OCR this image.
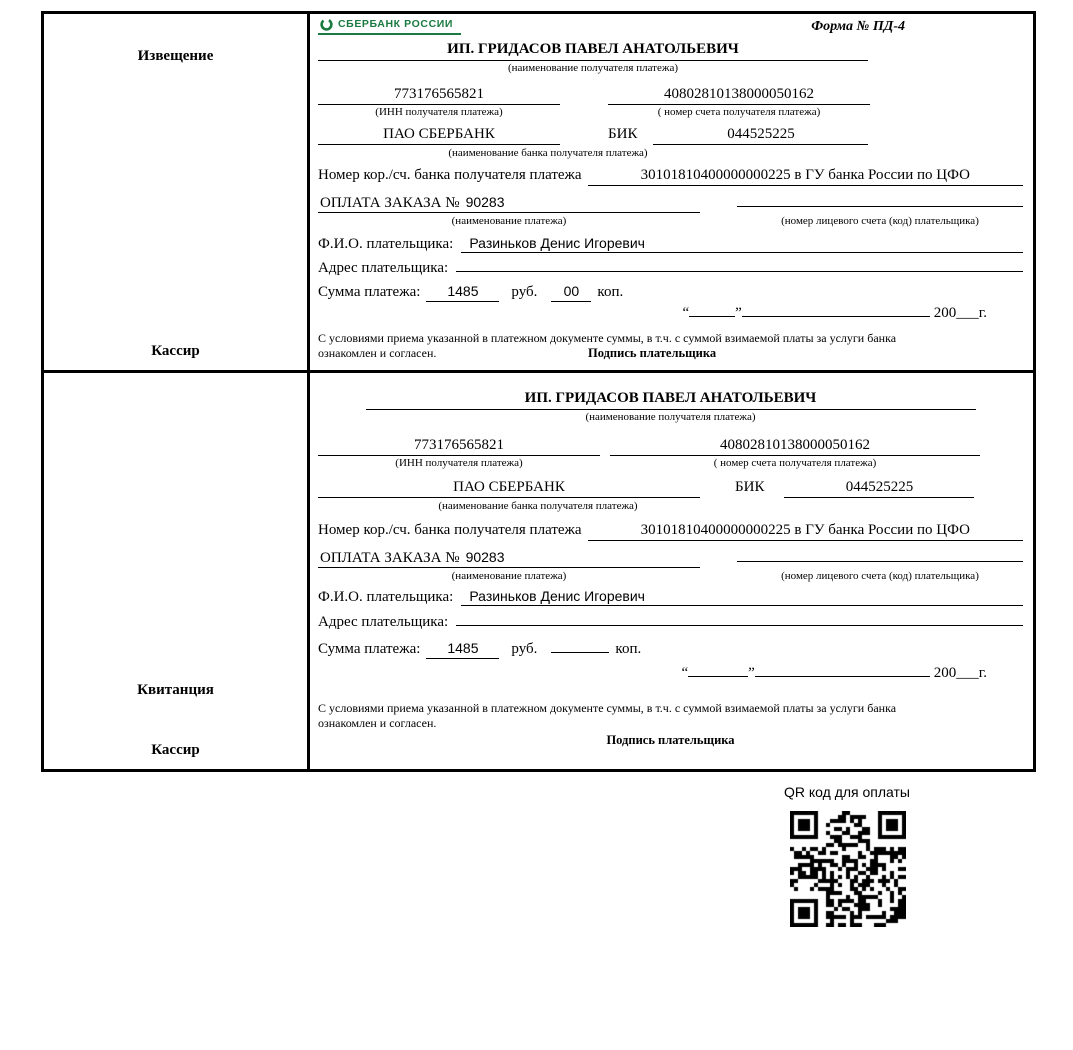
Извещение
Кассир
СБЕРБАНК РОССИИ	Форма № ПД-4
ИП. ГРИДАСОВ ПАВЕЛ АНАТОЛЬЕВИЧ
(наименование получателя платежа)
773176565821	40802810138000050162
(ИНН получателя платежа)	( номер счета получателя платежа)
ПАО СБЕРБАНК	БИК	044525225
(наименование банка получателя платежа)
Номер кор./сч. банка получателя платежа	30101810400000000225 в ГУ банка России по ЦФО
ОПЛАТА ЗАКАЗА № 90283
(наименование платежа)	(номер лицевого счета (код) плательщика)
Ф.И.О. плательщика:	Разиньков Денис Игоревич
Адрес плательщика:
Сумма платежа:	1485	руб.	00	коп.
“	”	200___г.
С условиями приема указанной в платежном документе суммы, в т.ч. с суммой взимаемой платы за услуги банка
ознакомлен и согласен.	Подпись плательщика
Квитанция
Кассир
ИП. ГРИДАСОВ ПАВЕЛ АНАТОЛЬЕВИЧ
(наименование получателя платежа)
773176565821	40802810138000050162
(ИНН получателя платежа)	( номер счета получателя платежа)
ПАО СБЕРБАНК	БИК	044525225
(наименование банка получателя платежа)
Номер кор./сч. банка получателя платежа	30101810400000000225 в ГУ банка России по ЦФО
ОПЛАТА ЗАКАЗА № 90283
(наименование платежа)	(номер лицевого счета (код) плательщика)
Ф.И.О. плательщика:	Разиньков Денис Игоревич
Адрес плательщика:
Сумма платежа:	1485	руб.	коп.
“	”	200___г.
С условиями приема указанной в платежном документе суммы, в т.ч. с суммой взимаемой платы за услуги банка
ознакомлен и согласен.
Подпись плательщика
QR код для оплаты
